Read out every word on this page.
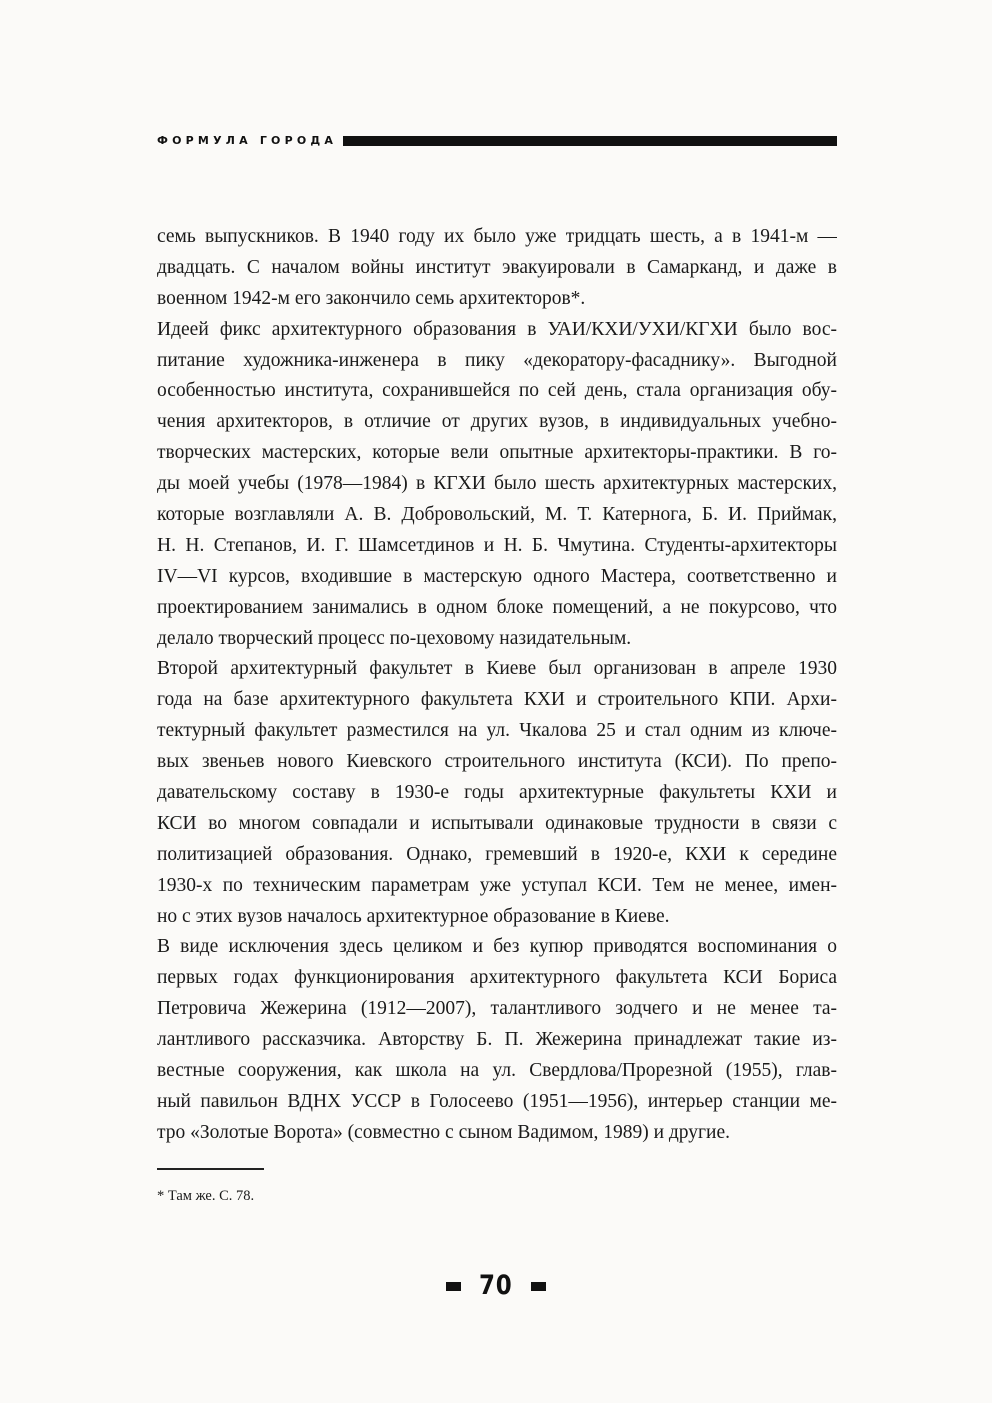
ФОРМУЛА ГОРОДА
семь выпускников. В 1940 году их было уже тридцать шесть, а в 1941-м —
двадцать. С началом войны институт эвакуировали в Самарканд, и даже в
военном 1942-м его закончило семь архитекторов*.
Идеей фикс архитектурного образования в УАИ/КХИ/УХИ/КГХИ было вос-
питание художника-инженера в пику «декоратору-фасаднику». Выгодной
особенностью института, сохранившейся по сей день, стала организация обу-
чения архитекторов, в отличие от других вузов, в индивидуальных учебно-
творческих мастерских, которые вели опытные архитекторы-практики. В го-
ды моей учебы (1978—1984) в КГХИ было шесть архитектурных мастерских,
которые возглавляли А. В. Добровольский, М. Т. Катернога, Б. И. Приймак,
Н. Н. Степанов, И. Г. Шамсетдинов и Н. Б. Чмутина. Студенты-архитекторы
IV—VI курсов, входившие в мастерскую одного Мастера, соответственно и
проектированием занимались в одном блоке помещений, а не покурсово, что
делало творческий процесс по-цеховому назидательным.
Второй архитектурный факультет в Киеве был организован в апреле 1930
года на базе архитектурного факультета КХИ и строительного КПИ. Архи-
тектурный факультет разместился на ул. Чкалова 25 и стал одним из ключе-
вых звеньев нового Киевского строительного института (КСИ). По препо-
давательскому составу в 1930-е годы архитектурные факультеты КХИ и
КСИ во многом совпадали и испытывали одинаковые трудности в связи с
политизацией образования. Однако, гремевший в 1920-е, КХИ к середине
1930-х по техническим параметрам уже уступал КСИ. Тем не менее, имен-
но с этих вузов началось архитектурное образование в Киеве.
В виде исключения здесь целиком и без купюр приводятся воспоминания о
первых годах функционирования архитектурного факультета КСИ Бориса
Петровича Жежерина (1912—2007), талантливого зодчего и не менее та-
лантливого рассказчика. Авторству Б. П. Жежерина принадлежат такие из-
вестные сооружения, как школа на ул. Свердлова/Прорезной (1955), глав-
ный павильон ВДНХ УССР в Голосеево (1951—1956), интерьер станции ме-
тро «Золотые Ворота» (совместно с сыном Вадимом, 1989) и другие.
* Там же. С. 78.
70
